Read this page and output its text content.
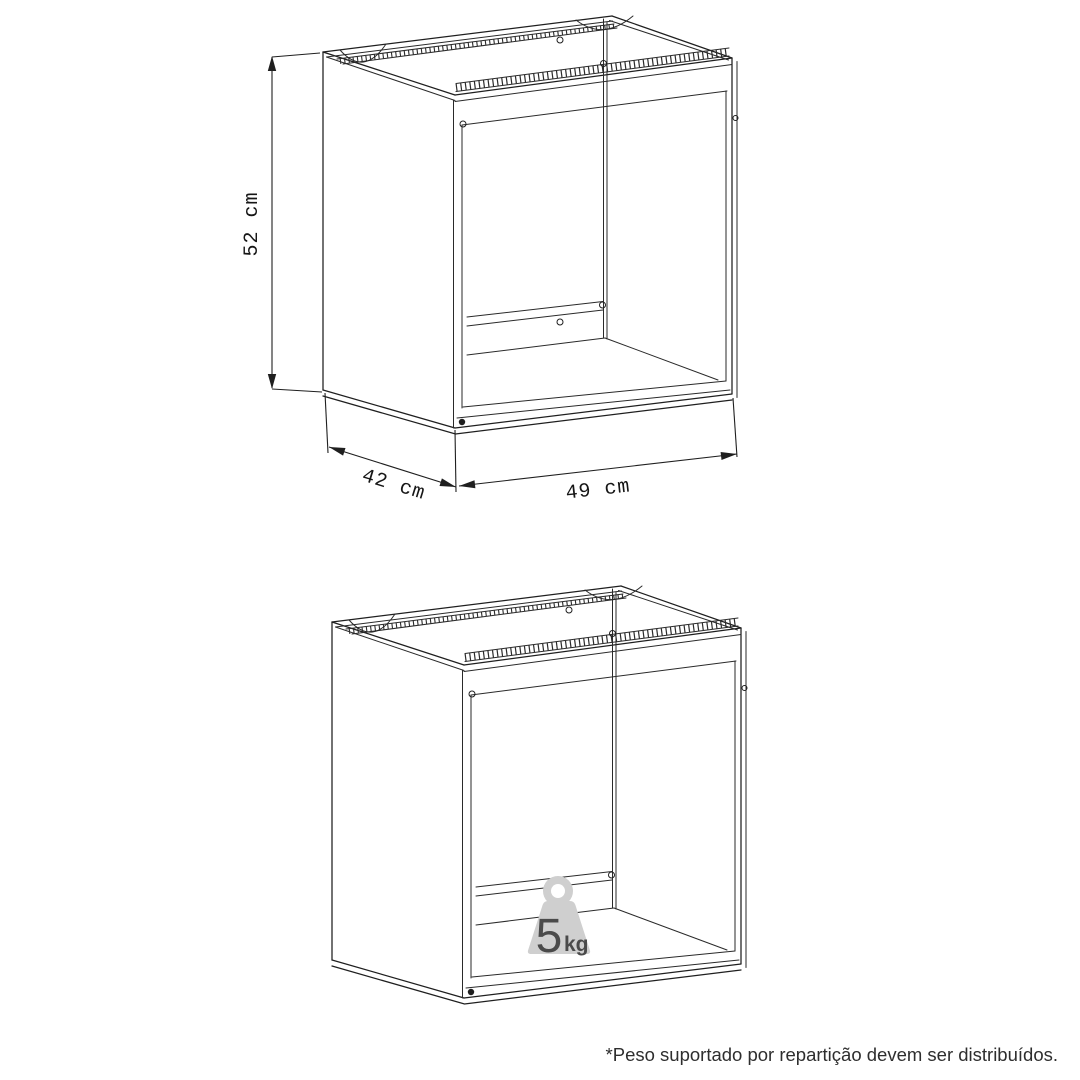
52 cm
42 cm	49 cm
5 kg
*Peso suportado por repartição devem ser distribuídos.
